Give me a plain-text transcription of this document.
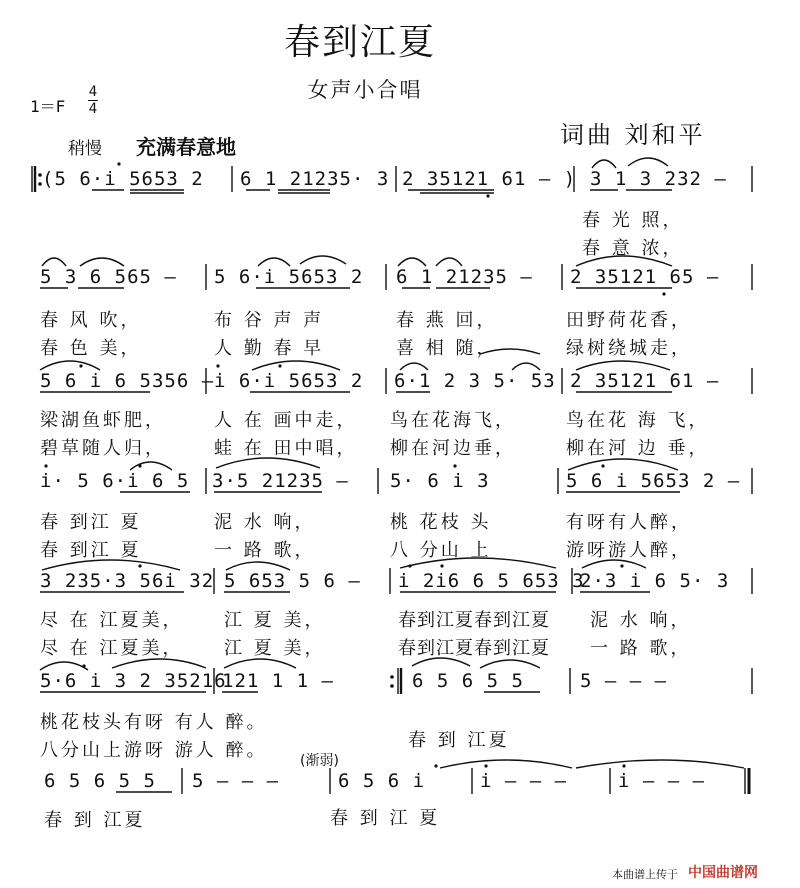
春到江夏
女声小合唱
1＝F
4
4
稍慢 充满春意地	词曲 刘和平
(5 6·i 5653 2 6 1 21235· 3 2 35121 61 – ) 3 1 3 232 –
春 光 照，
春 意 浓，
5 3 6 565 – 5 6·i 5653 2 6 1 21235 – 2 35121 65 –
春 风 吹，	布 谷 声 声	春 燕 回，	田野荷花香，
春 色 美，	人 勤 春 早	喜 相 随，	绿树绕城走，
5 6 i 6 5356 – i 6·i 5653 2 6·1 2 3 5· 53 2 35121 61 –
梁湖鱼虾肥，	人 在 画中走， 鸟在花海飞，	鸟在花 海 飞，
碧草随人归，	蛙 在 田中唱， 柳在河边垂，	柳在河 边 垂，
i· 5 6·i 6 5 3·5 21235 – 5· 6 i 3	5 6 i 5653 2 –
春 到江 夏	泥 水 响，	桃 花枝 头	有呀有人醉，
春 到江 夏	一 路 歌，	八 分山 上	游呀游人醉，
3 235·3 56i 32 5 653 5 6 – i 2i6 6 5 653 3
2·3 i 6 5· 3
尽 在 江夏美， 江 夏 美，	春到江夏春到江夏 泥 水 响，
尽 在 江夏美， 江 夏 美，	春到江夏春到江夏 一 路 歌，
5·6 i 3 2 35216
121 1 1 –	6 5 6 5 5	5 – – –
桃花枝头有呀 有人 醉。
八分山上游呀 游人 醉。	春 到 江夏
(渐弱)
6 5 6 5 5 5 – – –	6 5 6 i	i – – –	i – – –
春 到 江夏	春 到 江 夏
本曲谱上传于 中国曲谱网
